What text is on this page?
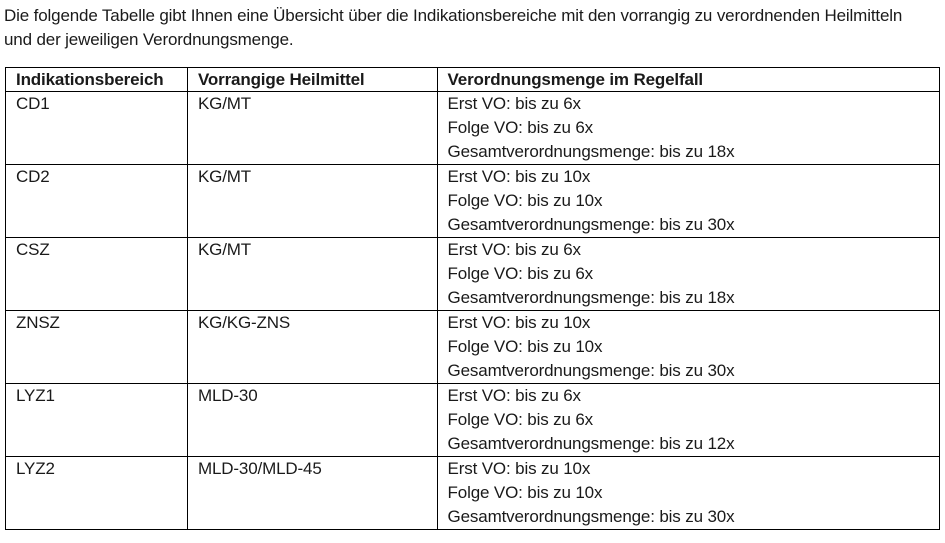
Die folgende Tabelle gibt Ihnen eine Übersicht über die Indikationsbereiche mit den vorrangig zu verordnenden Heilmitteln
und der jeweiligen Verordnungsmenge.
Indikationsbereich	Vorrangige Heilmittel	Verordnungsmenge im Regelfall
CD1	KG/MT	Erst VO: bis zu 6x
Folge VO: bis zu 6x
Gesamtverordnungsmenge: bis zu 18x

CD2	KG/MT	Erst VO: bis zu 10x
Folge VO: bis zu 10x
Gesamtverordnungsmenge: bis zu 30x

CSZ	KG/MT	Erst VO: bis zu 6x
Folge VO: bis zu 6x
Gesamtverordnungsmenge: bis zu 18x

ZNSZ	KG/KG-ZNS	Erst VO: bis zu 10x
Folge VO: bis zu 10x
Gesamtverordnungsmenge: bis zu 30x

LYZ1	MLD-30	Erst VO: bis zu 6x
Folge VO: bis zu 6x
Gesamtverordnungsmenge: bis zu 12x

LYZ2	MLD-30/MLD-45	Erst VO: bis zu 10x
Folge VO: bis zu 10x
Gesamtverordnungsmenge: bis zu 30x
